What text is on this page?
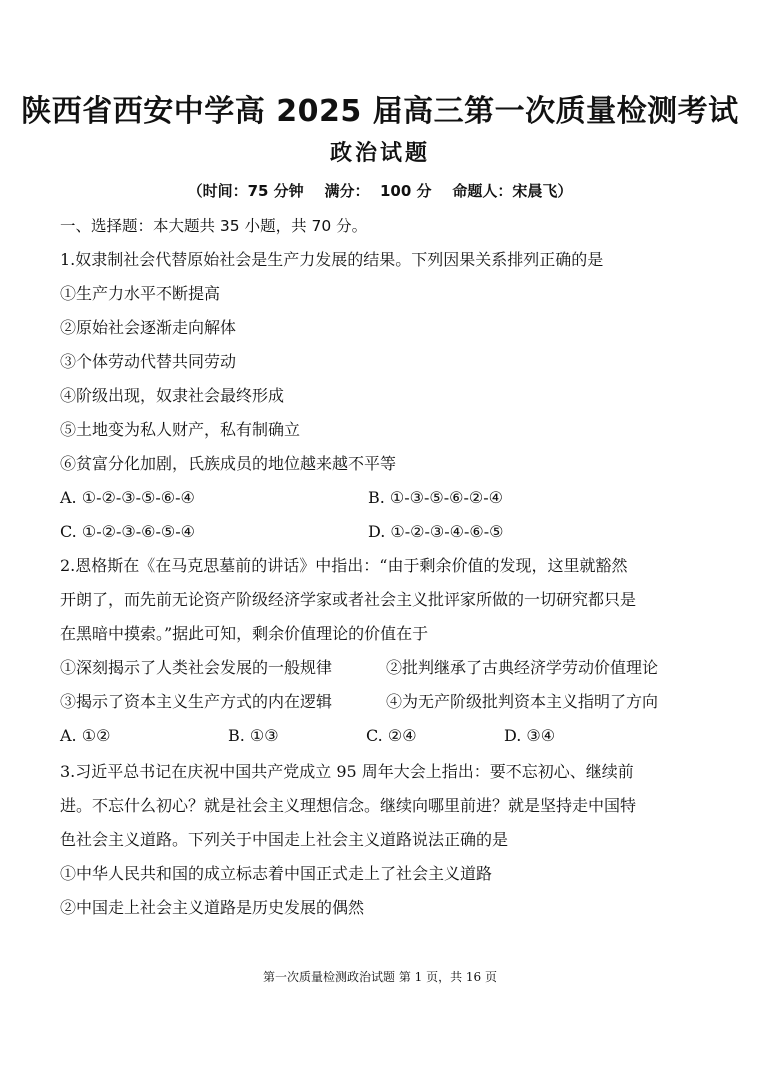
陕西省西安中学高 2025 届高三第一次质量检测考试
政治试题
（时间：75 分钟    满分：  100 分    命题人：宋晨飞）
一、选择题：本大题共 35 小题，共 70 分。
1.奴隶制社会代替原始社会是生产力发展的结果。下列因果关系排列正确的是
①生产力水平不断提高
②原始社会逐渐走向解体
③个体劳动代替共同劳动
④阶级出现，奴隶社会最终形成
⑤土地变为私人财产，私有制确立
⑥贫富分化加剧，氏族成员的地位越来越不平等
A. ①-②-③-⑤-⑥-④	B. ①-③-⑤-⑥-②-④
C. ①-②-③-⑥-⑤-④	D. ①-②-③-④-⑥-⑤
2.恩格斯在《在马克思墓前的讲话》中指出：“由于剩余价值的发现，这里就豁然
开朗了，而先前无论资产阶级经济学家或者社会主义批评家所做的一切研究都只是
在黑暗中摸索。”据此可知，剩余价值理论的价值在于
①深刻揭示了人类社会发展的一般规律	②批判继承了古典经济学劳动价值理论
③揭示了资本主义生产方式的内在逻辑	④为无产阶级批判资本主义指明了方向
A. ①②	B. ①③	C. ②④	D. ③④
3.习近平总书记在庆祝中国共产党成立 95 周年大会上指出：要不忘初心、继续前
进。不忘什么初心？就是社会主义理想信念。继续向哪里前进？就是坚持走中国特
色社会主义道路。下列关于中国走上社会主义道路说法正确的是
①中华人民共和国的成立标志着中国正式走上了社会主义道路
②中国走上社会主义道路是历史发展的偶然
第一次质量检测政治试题 第 1 页，共 16 页
